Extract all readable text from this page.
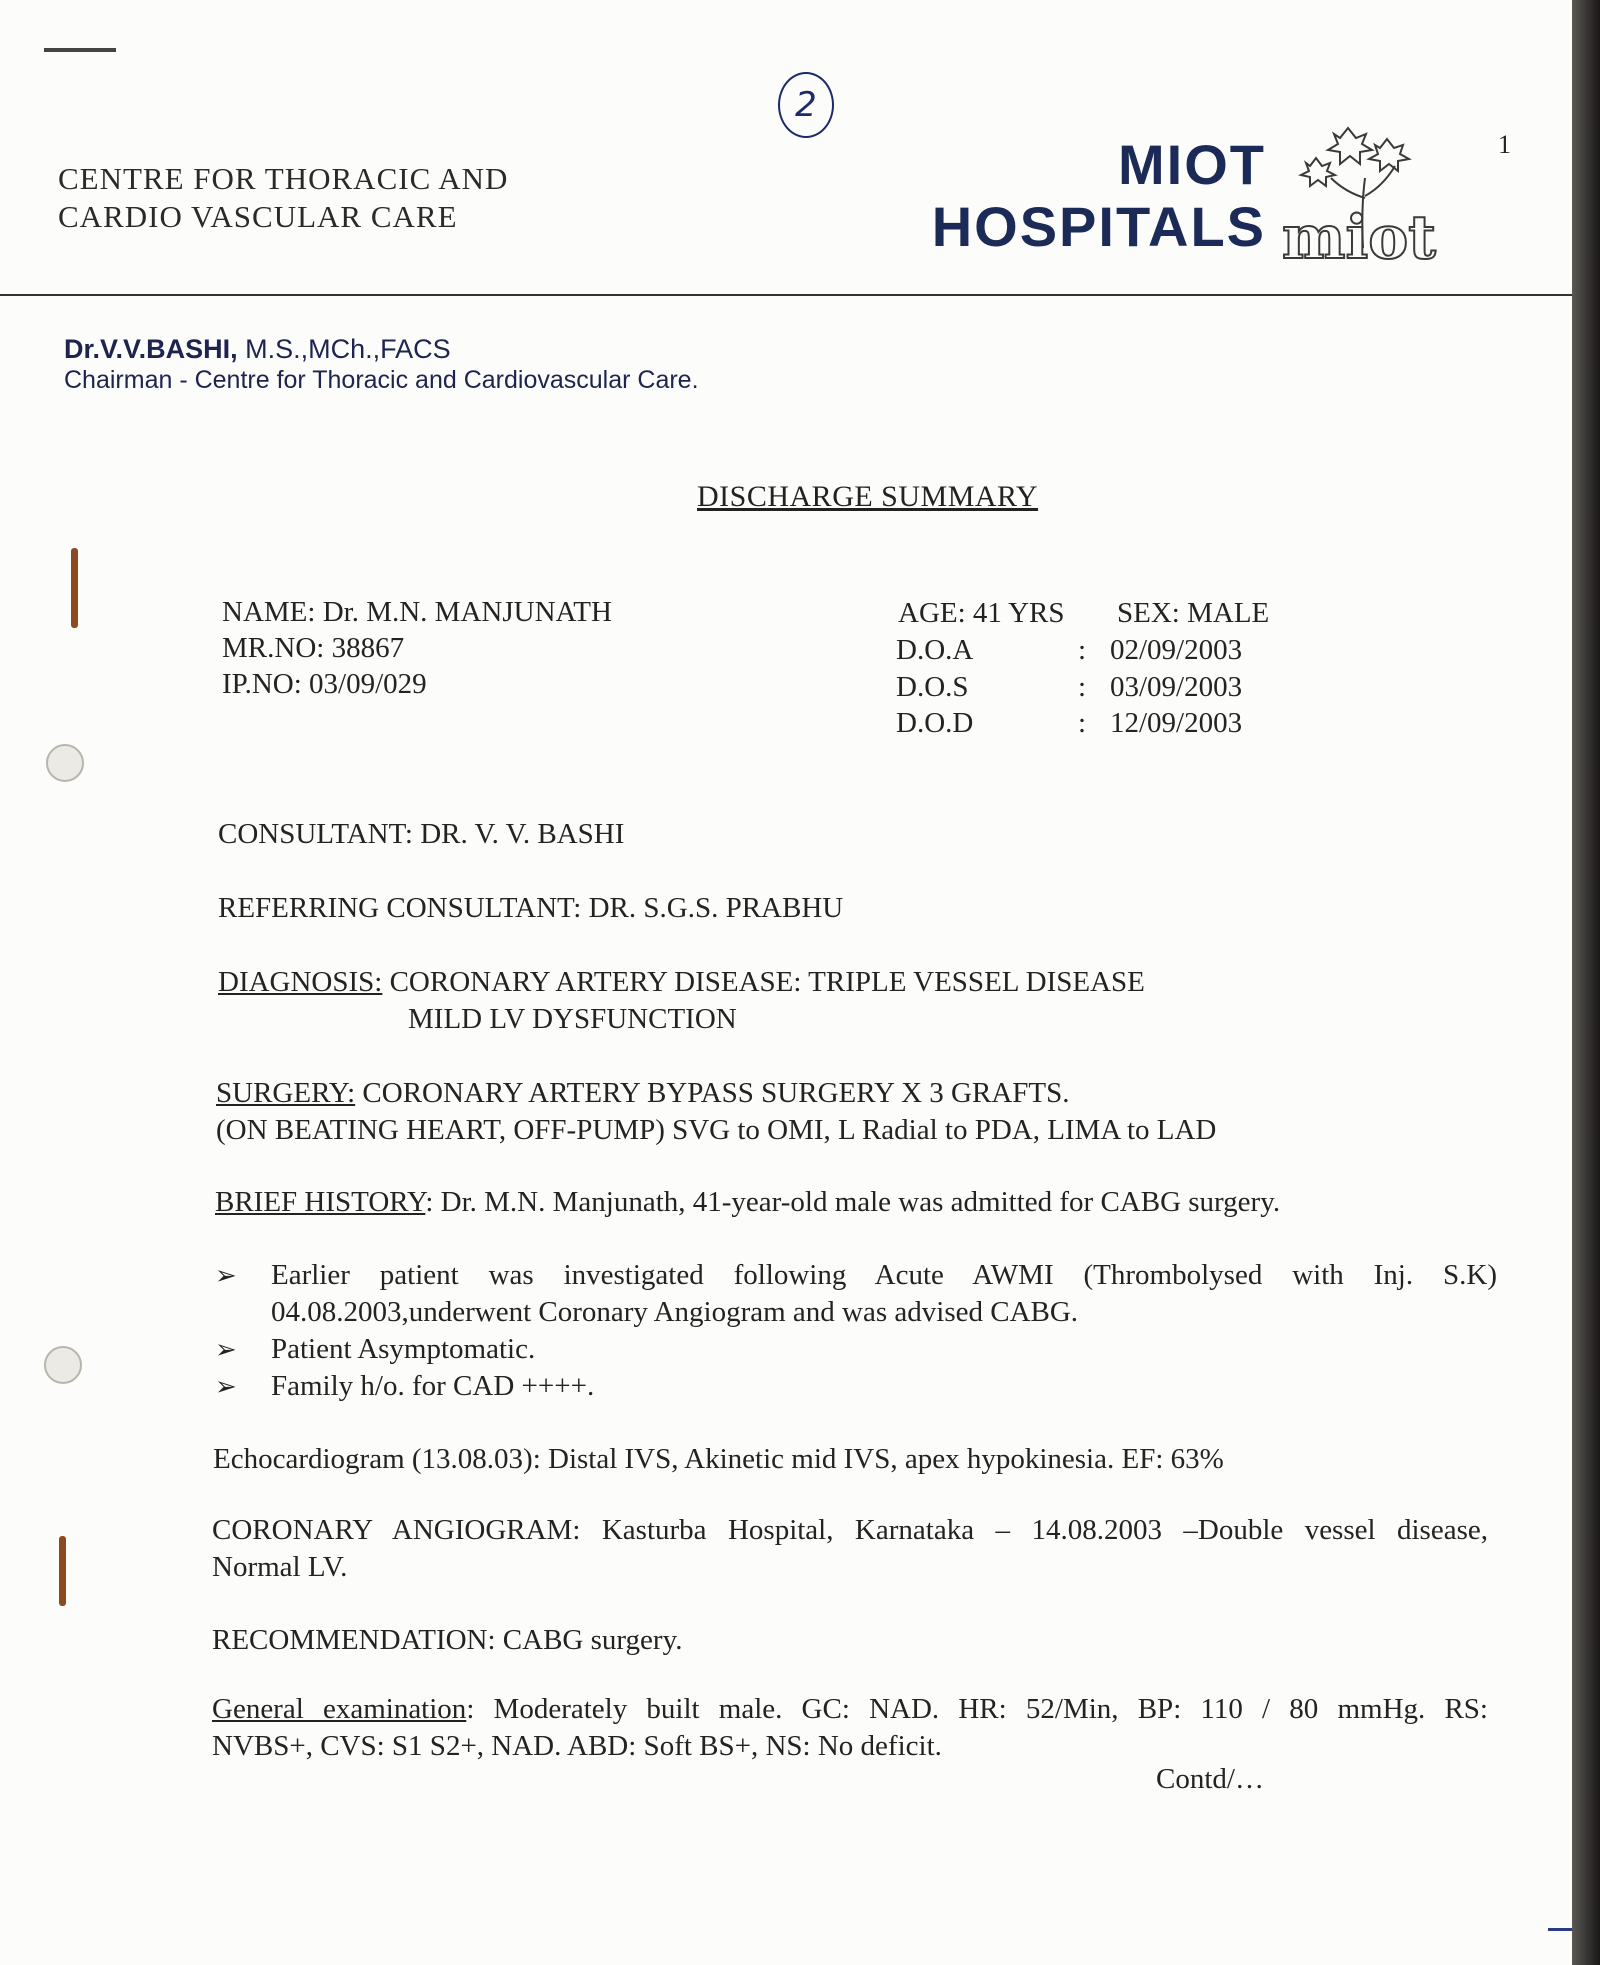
2
1
CENTRE FOR THORACIC AND
CARDIO VASCULAR CARE
MIOT
HOSPITALS miot
Dr.V.V.BASHI, M.S.,MCh.,FACS
Chairman - Centre for Thoracic and Cardiovascular Care.
DISCHARGE SUMMARY
NAME: Dr. M.N. MANJUNATH
MR.NO: 38867
IP.NO: 03/09/029
AGE: 41 YRS SEX: MALE
D.O.A	: 02/09/2003
D.O.S	: 03/09/2003
D.O.D	: 12/09/2003
CONSULTANT: DR. V. V. BASHI
REFERRING CONSULTANT: DR. S.G.S. PRABHU
DIAGNOSIS: CORONARY ARTERY DISEASE: TRIPLE VESSEL DISEASE
MILD LV DYSFUNCTION
SURGERY: CORONARY ARTERY BYPASS SURGERY X 3 GRAFTS.
(ON BEATING HEART, OFF-PUMP) SVG to OMI, L Radial to PDA, LIMA to LAD
BRIEF HISTORY: Dr. M.N. Manjunath, 41-year-old male was admitted for CABG surgery.
➢	Earlier patient was investigated following Acute AWMI (Thrombolysed with Inj. S.K)
04.08.2003,underwent Coronary Angiogram and was advised CABG.
➢	Patient Asymptomatic.
➢	Family h/o. for CAD ++++.
Echocardiogram (13.08.03): Distal IVS, Akinetic mid IVS, apex hypokinesia. EF: 63%
CORONARY ANGIOGRAM: Kasturba Hospital, Karnataka – 14.08.2003 –Double vessel disease,
Normal LV.
RECOMMENDATION: CABG surgery.
General examination: Moderately built male. GC: NAD. HR: 52/Min, BP: 110 / 80 mmHg. RS:
NVBS+, CVS: S1 S2+, NAD. ABD: Soft BS+, NS: No deficit.
Contd/…
